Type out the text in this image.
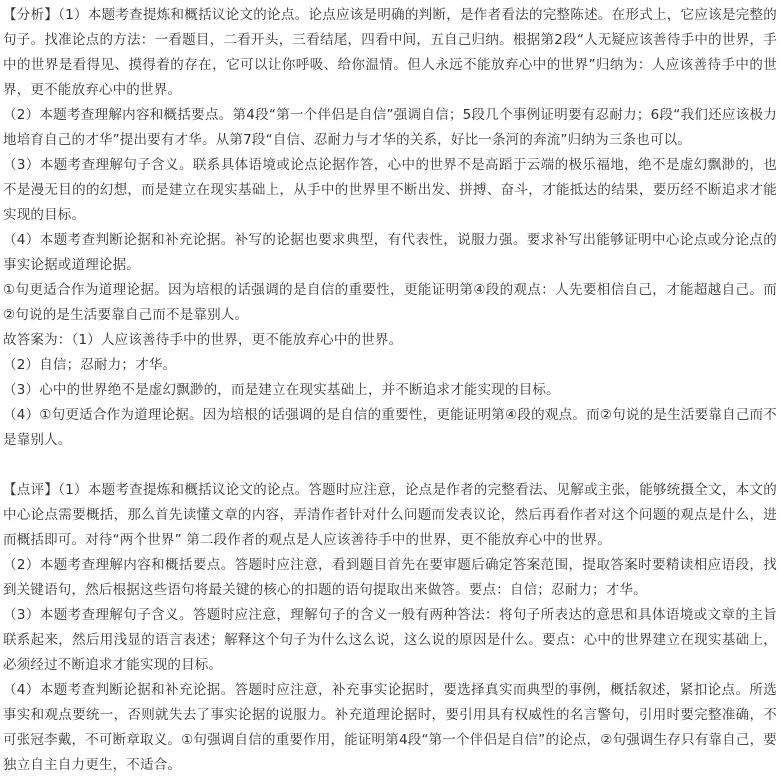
【分析】（1）本题考查提炼和概括议论文的论点。论点应该是明确的判断，是作者看法的完整陈述。在形式上，它应该是完整的句子。找准论点的方法：一看题目，二看开头，三看结尾，四看中间，五自己归纳。根据第2段“人无疑应该善待手中的世界，手中的世界是看得见、摸得着的存在，它可以让你呼吸、给你温情。但人永远不能放弃心中的世界”归纳为：人应该善待手中的世界，更不能放弃心中的世界。

（2）本题考查理解内容和概括要点。第4段“第一个伴侣是自信”强调自信；5段几个事例证明要有忍耐力；6段“我们还应该极力地培育自己的才华”提出要有才华。从第7段“自信、忍耐力与才华的关系，好比一条河的奔流”归纳为三条也可以。

（3）本题考查理解句子含义。联系具体语境或论点论据作答，心中的世界不是高蹈于云端的极乐福地，绝不是虚幻飘渺的，也不是漫无目的的幻想，而是建立在现实基础上，从手中的世界里不断出发、拼搏、奋斗，才能抵达的结果，要历经不断追求才能实现的目标。

（4）本题考查判断论据和补充论据。补写的论据也要求典型，有代表性，说服力强。要求补写出能够证明中心论点或分论点的事实论据或道理论据。

①句更适合作为道理论据。因为培根的话强调的是自信的重要性，更能证明第④段的观点：人先要相信自己，才能超越自己。而②句说的是生活要靠自己而不是靠别人。

故答案为：（1）人应该善待手中的世界，更不能放弃心中的世界。

（2）自信；忍耐力；才华。

（3）心中的世界绝不是虚幻飘渺的，而是建立在现实基础上，并不断追求才能实现的目标。

（4）①句更适合作为道理论据。因为培根的话强调的是自信的重要性，更能证明第④段的观点。而②句说的是生活要靠自己而不是靠别人。

【点评】（1）本题考查提炼和概括议论文的论点。答题时应注意，论点是作者的完整看法、见解或主张，能够统摄全文，本文的中心论点需要概括，那么首先读懂文章的内容，弄清作者针对什么问题而发表议论，然后再看作者对这个问题的观点是什么，进而概括即可。对待“两个世界” 第二段作者的观点是人应该善待手中的世界，更不能放弃心中的世界。

（2）本题考查理解内容和概括要点。答题时应注意，看到题目首先在要审题后确定答案范围，提取答案时要精读相应语段，找到关键语句，然后根据这些语句将最关键的核心的扣题的语句提取出来做答。要点：自信；忍耐力；才华。

（3）本题考查理解句子含义。答题时应注意，理解句子的含义一般有两种答法：将句子所表达的意思和具体语境或文章的主旨联系起来，然后用浅显的语言表述；解释这个句子为什么这么说，这么说的原因是什么。要点：心中的世界建立在现实基础上，必须经过不断追求才能实现的目标。

（4）本题考查判断论据和补充论据。答题时应注意，补充事实论据时，要选择真实而典型的事例，概括叙述，紧扣论点。所选事实和观点要统一，否则就失去了事实论据的说服力。补充道理论据时，要引用具有权威性的名言警句，引用时要完整准确，不可张冠李戴，不可断章取义。①句强调自信的重要作用，能证明第4段“第一个伴侣是自信”的论点，②句强调生存只有靠自己，要独立自主自力更生，不适合。
